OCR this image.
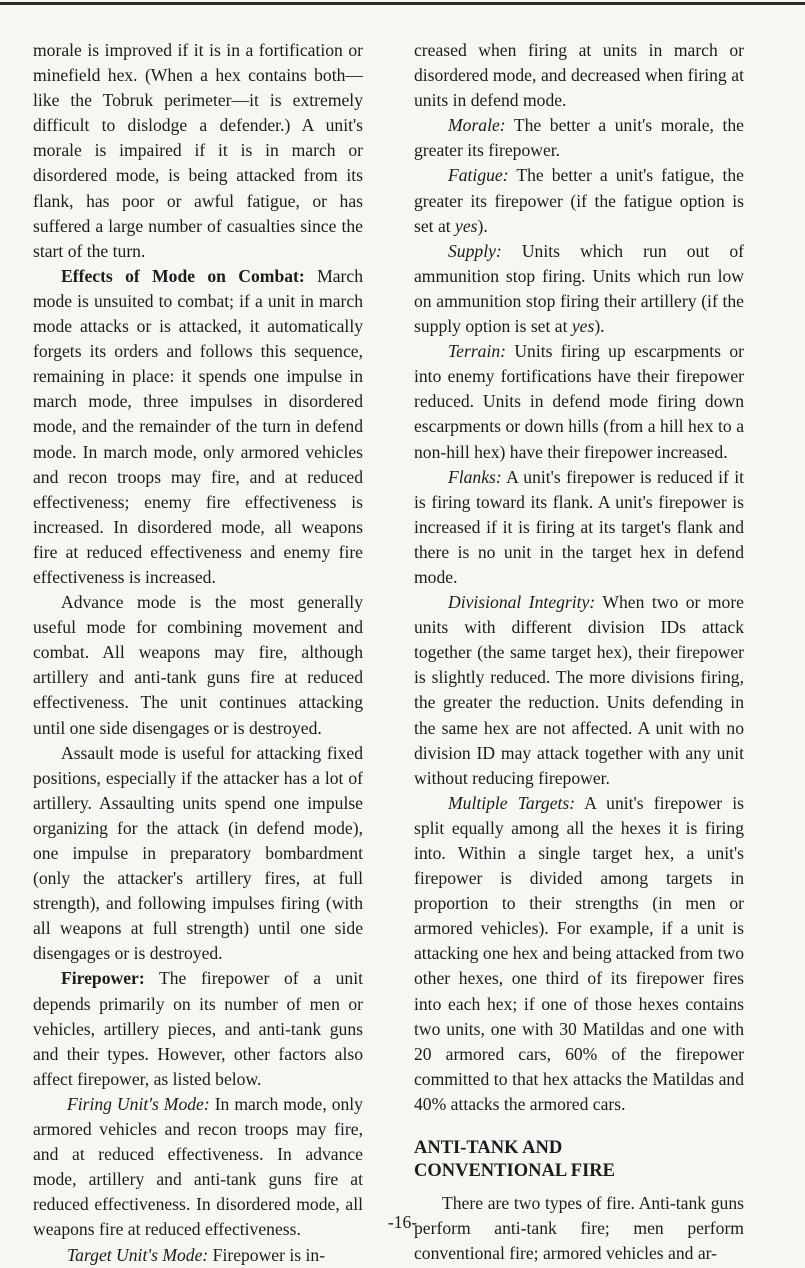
morale is improved if it is in a fortification or minefield hex. (When a hex contains both—like the Tobruk perimeter—it is extremely difficult to dislodge a defender.) A unit's morale is impaired if it is in march or disordered mode, is being attacked from its flank, has poor or awful fatigue, or has suffered a large number of casualties since the start of the turn.

Effects of Mode on Combat: March mode is unsuited to combat; if a unit in march mode attacks or is attacked, it automatically forgets its orders and follows this sequence, remaining in place: it spends one impulse in march mode, three impulses in disordered mode, and the remainder of the turn in defend mode. In march mode, only armored vehicles and recon troops may fire, and at reduced effectiveness; enemy fire effectiveness is increased. In disordered mode, all weapons fire at reduced effectiveness and enemy fire effectiveness is increased.

Advance mode is the most generally useful mode for combining movement and combat. All weapons may fire, although artillery and anti-tank guns fire at reduced effectiveness. The unit continues attacking until one side disengages or is destroyed.

Assault mode is useful for attacking fixed positions, especially if the attacker has a lot of artillery. Assaulting units spend one impulse organizing for the attack (in defend mode), one impulse in preparatory bombardment (only the attacker's artillery fires, at full strength), and following impulses firing (with all weapons at full strength) until one side disengages or is destroyed.

Firepower: The firepower of a unit depends primarily on its number of men or vehicles, artillery pieces, and anti-tank guns and their types. However, other factors also affect firepower, as listed below.

Firing Unit's Mode: In march mode, only armored vehicles and recon troops may fire, and at reduced effectiveness. In advance mode, artillery and anti-tank guns fire at reduced effectiveness. In disordered mode, all weapons fire at reduced effectiveness.

Target Unit's Mode: Firepower is in-

creased when firing at units in march or disordered mode, and decreased when firing at units in defend mode.

Morale: The better a unit's morale, the greater its firepower.

Fatigue: The better a unit's fatigue, the greater its firepower (if the fatigue option is set at yes).

Supply: Units which run out of ammunition stop firing. Units which run low on ammunition stop firing their artillery (if the supply option is set at yes).

Terrain: Units firing up escarpments or into enemy fortifications have their firepower reduced. Units in defend mode firing down escarpments or down hills (from a hill hex to a non-hill hex) have their firepower increased.

Flanks: A unit's firepower is reduced if it is firing toward its flank. A unit's firepower is increased if it is firing at its target's flank and there is no unit in the target hex in defend mode.

Divisional Integrity: When two or more units with different division IDs attack together (the same target hex), their firepower is slightly reduced. The more divisions firing, the greater the reduction. Units defending in the same hex are not affected. A unit with no division ID may attack together with any unit without reducing firepower.

Multiple Targets: A unit's firepower is split equally among all the hexes it is firing into. Within a single target hex, a unit's firepower is divided among targets in proportion to their strengths (in men or armored vehicles). For example, if a unit is attacking one hex and being attacked from two other hexes, one third of its firepower fires into each hex; if one of those hexes contains two units, one with 30 Matildas and one with 20 armored cars, 60% of the firepower committed to that hex attacks the Matildas and 40% attacks the armored cars.

ANTI-TANK AND
CONVENTIONAL FIRE

There are two types of fire. Anti-tank guns perform anti-tank fire; men perform conventional fire; armored vehicles and ar-

-16-
